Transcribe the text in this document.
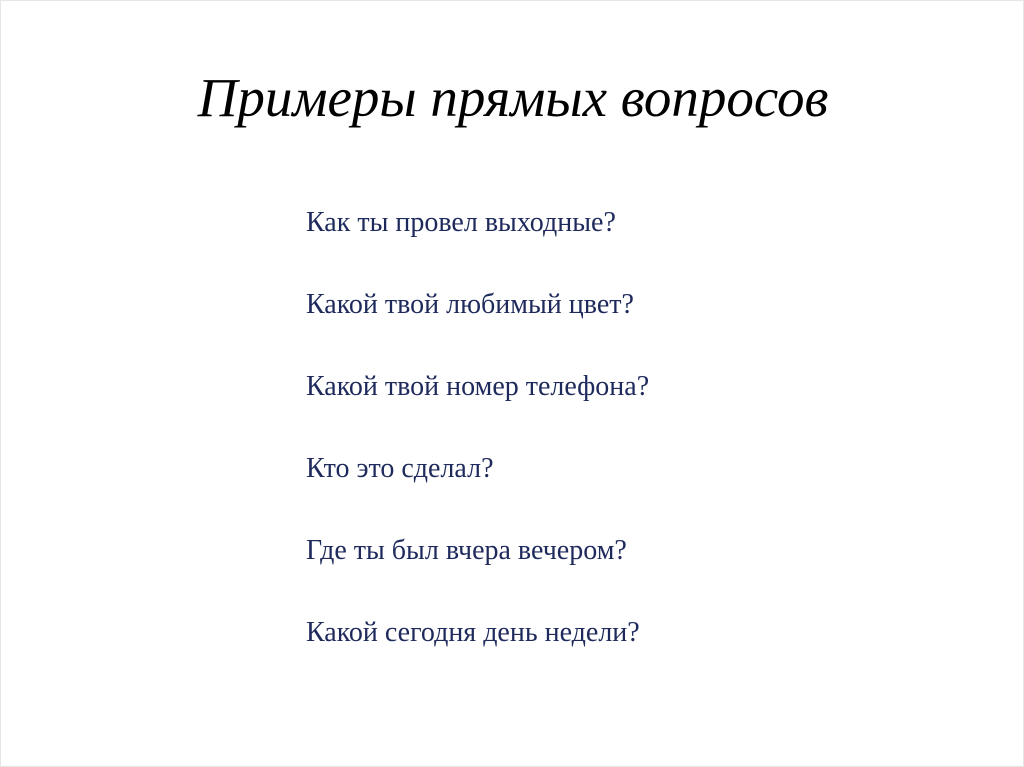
Примеры прямых вопросов
Как ты провел выходные?
Какой твой любимый цвет?
Какой твой номер телефона?
Кто это сделал?
Где ты был вчера вечером?
Какой сегодня день недели?
